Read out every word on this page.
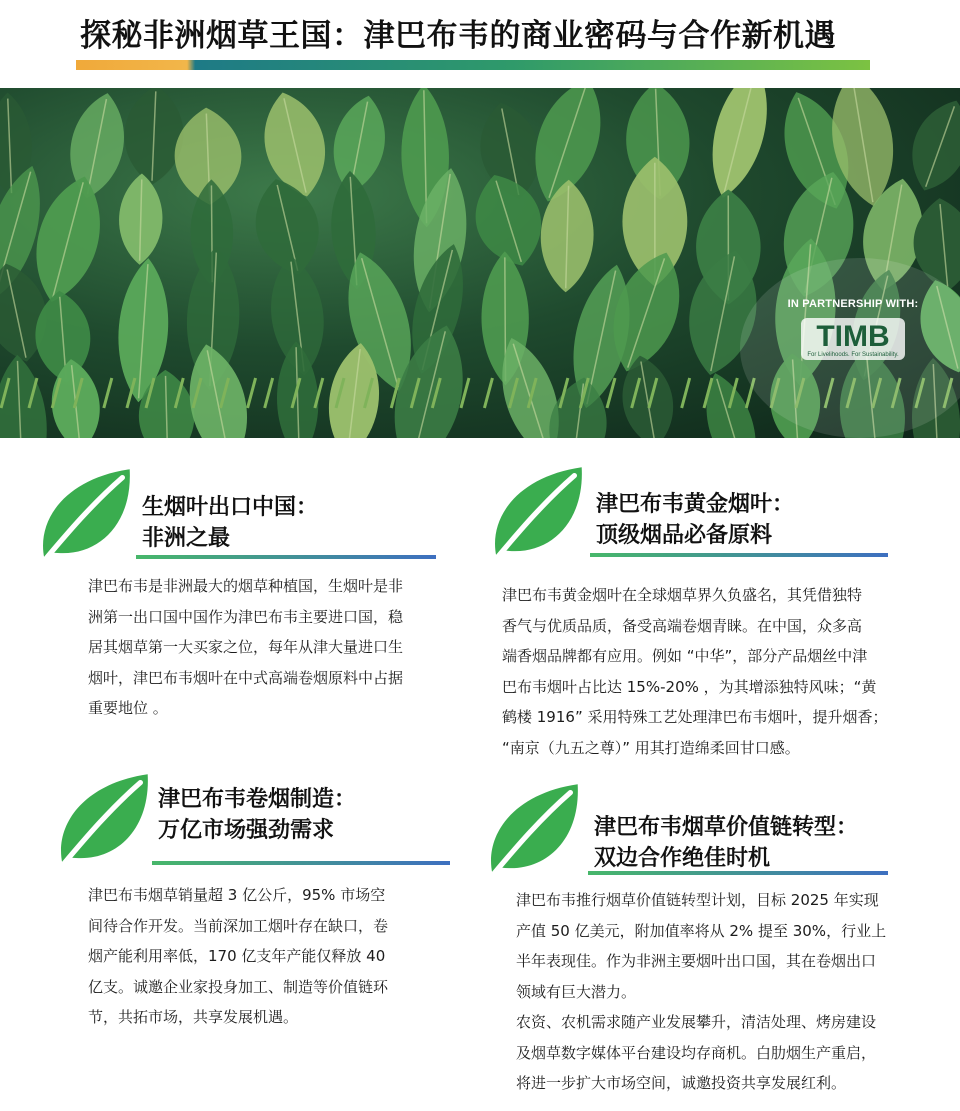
探秘非洲烟草王国：津巴布韦的商业密码与合作新机遇
IN PARTNERSHIP WITH:
TIMB
For Livelihoods. For Sustainability.
生烟叶出口中国：
非洲之最

津巴布韦是非洲最大的烟草种植国，生烟叶是非

洲第一出口国中国作为津巴布韦主要进口国，稳

居其烟草第一大买家之位，每年从津大量进口生

烟叶，津巴布韦烟叶在中式高端卷烟原料中占据

重要地位 。

津巴布韦黄金烟叶：
顶级烟品必备原料

津巴布韦黄金烟叶在全球烟草界久负盛名，其凭借独特

香气与优质品质，备受高端卷烟青睐。在中国，众多高

端香烟品牌都有应用。例如 “中华”，部分产品烟丝中津

巴布韦烟叶占比达 15%-20% ，为其增添独特风味；“黄

鹤楼 1916” 采用特殊工艺处理津巴布韦烟叶，提升烟香；

“南京（九五之尊）” 用其打造绵柔回甘口感。

津巴布韦卷烟制造：
万亿市场强劲需求

津巴布韦烟草销量超 3 亿公斤，95% 市场空

间待合作开发。当前深加工烟叶存在缺口，卷

烟产能利用率低，170 亿支年产能仅释放 40

亿支。诚邀企业家投身加工、制造等价值链环

节，共拓市场，共享发展机遇。

津巴布韦烟草价值链转型：
双边合作绝佳时机

津巴布韦推行烟草价值链转型计划，目标 2025 年实现

产值 50 亿美元，附加值率将从 2% 提至 30%，行业上

半年表现佳。作为非洲主要烟叶出口国，其在卷烟出口

领域有巨大潜力。

农资、农机需求随产业发展攀升，清洁处理、烤房建设

及烟草数字媒体平台建设均存商机。白肋烟生产重启，

将进一步扩大市场空间，诚邀投资共享发展红利。
